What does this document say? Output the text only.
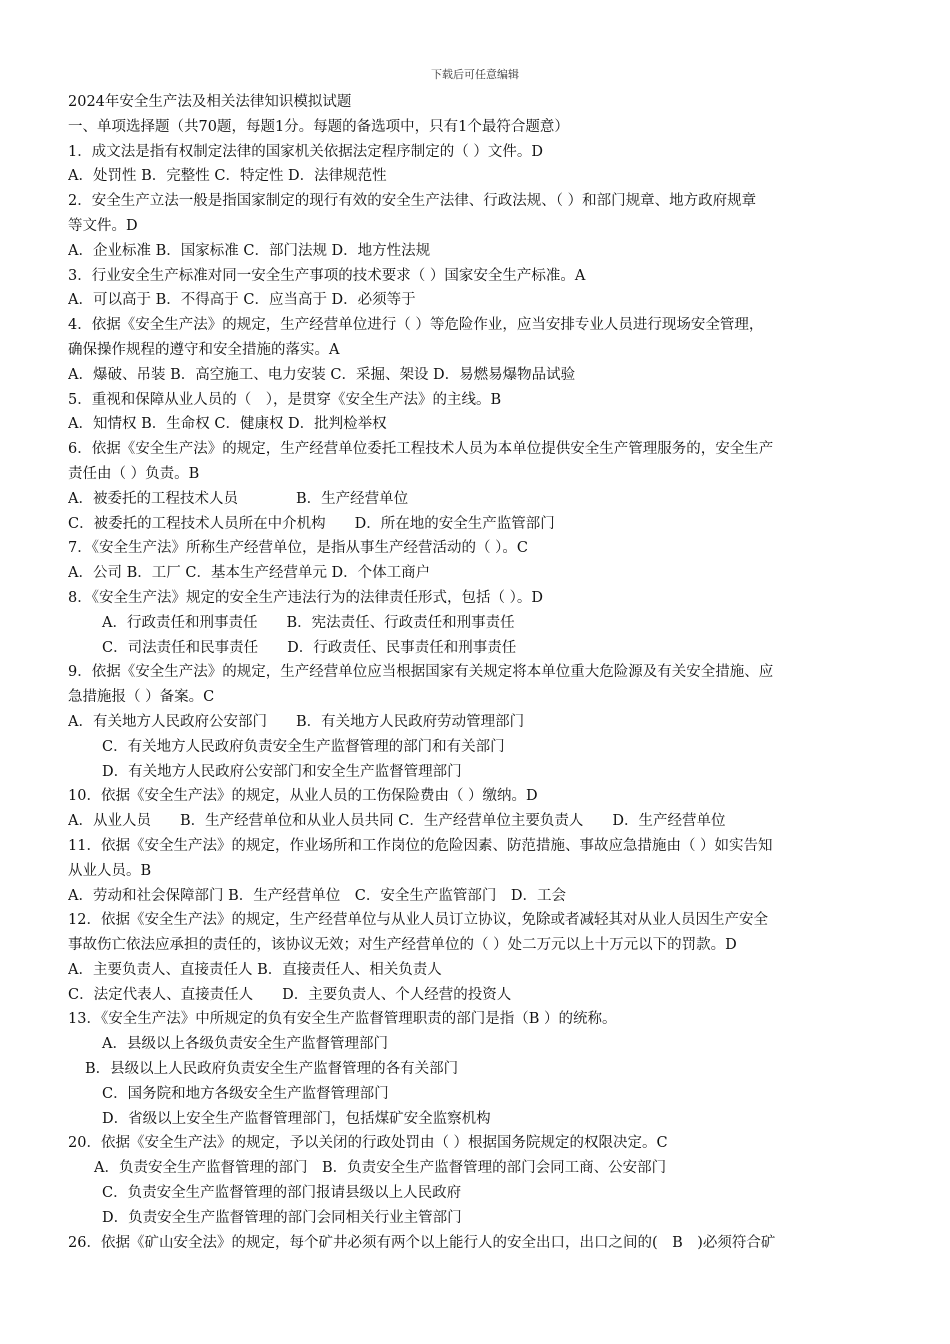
下载后可任意编辑
2024年安全生产法及相关法律知识模拟试题
一、单项选择题（共70题，每题1分。每题的备选项中，只有1个最符合题意）
1．成文法是指有权制定法律的国家机关依据法定程序制定的（ ）文件。D
A．处罚性 B．完整性 C．特定性 D．法律规范性
2．安全生产立法一般是指国家制定的现行有效的安全生产法律、行政法规、（ ）和部门规章、地方政府规章
等文件。D
A．企业标准 B．国家标准 C．部门法规 D．地方性法规
3．行业安全生产标准对同一安全生产事项的技术要求（ ）国家安全生产标准。A
A．可以高于 B．不得高于 C．应当高于 D．必须等于
4．依据《安全生产法》的规定，生产经营单位进行（ ）等危险作业，应当安排专业人员进行现场安全管理，
确保操作规程的遵守和安全措施的落实。A
A．爆破、吊装 B．高空施工、电力安装 C．采掘、架设 D．易燃易爆物品试验
5．重视和保障从业人员的（　），是贯穿《安全生产法》的主线。B
A．知情权 B．生命权 C．健康权 D．批判检举权
6．依据《安全生产法》的规定，生产经营单位委托工程技术人员为本单位提供安全生产管理服务的，安全生产
责任由（ ）负责。B
A．被委托的工程技术人员　　　　B．生产经营单位
C．被委托的工程技术人员所在中介机构　　D．所在地的安全生产监管部门
7．《安全生产法》所称生产经营单位，是指从事生产经营活动的（ ）。C
A．公司 B．工厂 C．基本生产经营单元 D．个体工商户
8．《安全生产法》规定的安全生产违法行为的法律责任形式，包括（ ）。D
A．行政责任和刑事责任　　B．宪法责任、行政责任和刑事责任
C．司法责任和民事责任　　D．行政责任、民事责任和刑事责任
9．依据《安全生产法》的规定，生产经营单位应当根据国家有关规定将本单位重大危险源及有关安全措施、应
急措施报（ ）备案。C
A．有关地方人民政府公安部门　　B．有关地方人民政府劳动管理部门
C．有关地方人民政府负责安全生产监督管理的部门和有关部门
D．有关地方人民政府公安部门和安全生产监督管理部门
10．依据《安全生产法》的规定，从业人员的工伤保险费由（ ）缴纳。D
A．从业人员　　B．生产经营单位和从业人员共同 C．生产经营单位主要负责人　　D．生产经营单位
11．依据《安全生产法》的规定，作业场所和工作岗位的危险因素、防范措施、事故应急措施由（ ）如实告知
从业人员。B
A．劳动和社会保障部门 B．生产经营单位　C．安全生产监管部门　D．工会
12．依据《安全生产法》的规定，生产经营单位与从业人员订立协议，免除或者减轻其对从业人员因生产安全
事故伤亡依法应承担的责任的，该协议无效；对生产经营单位的（ ）处二万元以上十万元以下的罚款。D
A．主要负责人、直接责任人 B．直接责任人、相关负责人
C．法定代表人、直接责任人　　D．主要负责人、个人经营的投资人
13．《安全生产法》中所规定的负有安全生产监督管理职责的部门是指（B ）的统称。
A．县级以上各级负责安全生产监督管理部门
B．县级以上人民政府负责安全生产监督管理的各有关部门
C．国务院和地方各级安全生产监督管理部门
D．省级以上安全生产监督管理部门，包括煤矿安全监察机构
20．依据《安全生产法》的规定，予以关闭的行政处罚由（ ）根据国务院规定的权限决定。C
A．负责安全生产监督管理的部门　B．负责安全生产监督管理的部门会同工商、公安部门
C．负责安全生产监督管理的部门报请县级以上人民政府
D．负责安全生产监督管理的部门会同相关行业主管部门
26．依据《矿山安全法》的规定，每个矿井必须有两个以上能行人的安全出口，出口之间的(　B　)必须符合矿
